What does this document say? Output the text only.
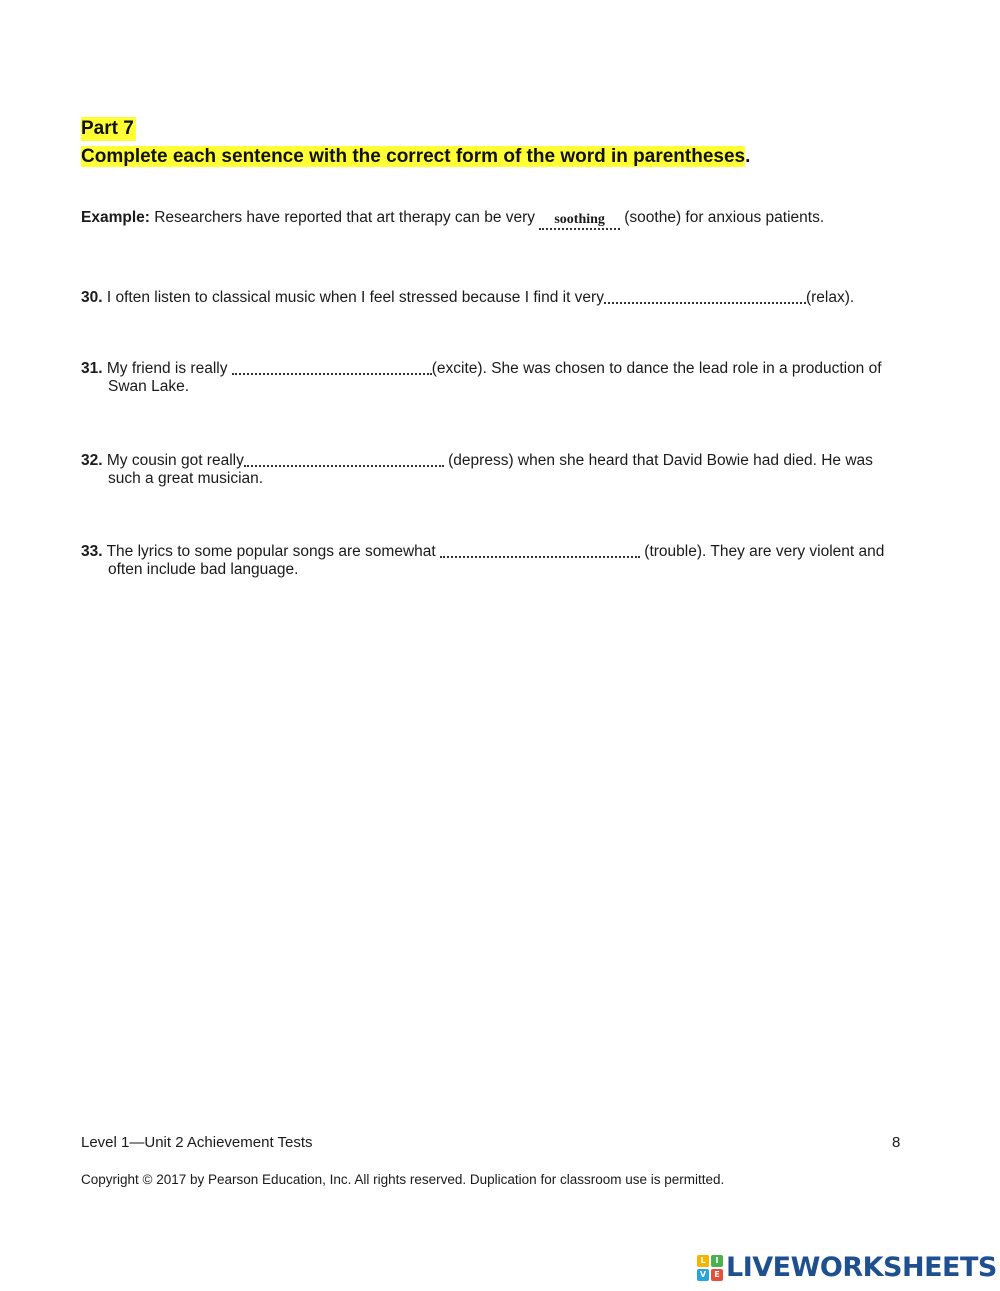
Part 7
Complete each sentence with the correct form of the word in parentheses.
Example: Researchers have reported that art therapy can be very soothing (soothe) for anxious patients.
30. I often listen to classical music when I feel stressed because I find it very	(relax).
31. My friend is really	(excite). She was chosen to dance the lead role in a production of
Swan Lake.
32. My cousin got really	(depress) when she heard that David Bowie had died. He was
such a great musician.
33. The lyrics to some popular songs are somewhat	(trouble). They are very violent and
often include bad language.
Level 1—Unit 2 Achievement Tests	8
Copyright © 2017 by Pearson Education, Inc. All rights reserved. Duplication for classroom use is permitted.
L	I
V	E LIVEWORKSHEETS
